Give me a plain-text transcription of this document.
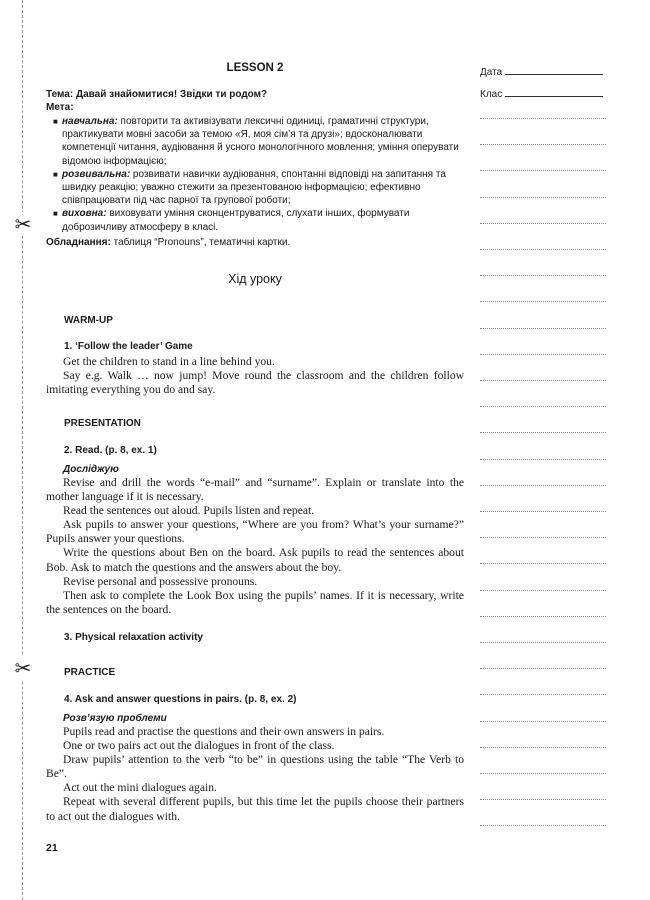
✂
✂
Дата
Клас
LESSON 2

Тема: Давай знайомитися! Звідки ти родом?

Мета:

■ навчальна: повторити та активізувати лексичні одиниці, граматичні структури, практикувати мовні засоби за темою «Я, моя сім’я та друзі»; вдосконалювати компетенції читання, аудіювання й усного монологічного мовлення; уміння оперувати відомою інформацією;
■ розвивальна: розвивати навички аудіювання, спонтанні відповіді на запитання та швидку реакцію; уважно стежити за презентованою інформацією; ефективно співпрацювати під час парної та групової роботи;
■ виховна: виховувати уміння сконцентруватися, слухати інших, формувати доброзичливу атмосферу в класі.

Обладнання: таблиця “Pronouns”, тематичні картки.

Хід уроку
WARM-UP
1. ‘Follow the leader’ Game

Get the children to stand in a line behind you.

Say e.g. Walk … now jump! Move round the classroom and the children follow imitating everything you do and say.

PRESENTATION
2. Read. (p. 8, ex. 1)

Досліджую

Revise and drill the words “e-mail” and “surname”. Explain or translate into the mother language if it is necessary.

Read the sentences out aloud. Pupils listen and repeat.

Ask pupils to answer your questions, “Where are you from? What’s your surname?” Pupils answer your questions.

Write the questions about Ben on the board. Ask pupils to read the sentences about Bob. Ask to match the questions and the answers about the boy.

Revise personal and possessive pronouns.

Then ask to complete the Look Box using the pupils’ names. If it is necessary, write the sentences on the board.

3. Physical relaxation activity
PRACTICE
4. Ask and answer questions in pairs. (p. 8, ex. 2)

Розв’язую проблеми

Pupils read and practise the questions and their own answers in pairs.

One or two pairs act out the dialogues in front of the class.

Draw pupils’ attention to the verb “to be” in questions using the table “The Verb to Be”.

Act out the mini dialogues again.

Repeat with several different pupils, but this time let the pupils choose their partners to act out the dialogues with.

21
